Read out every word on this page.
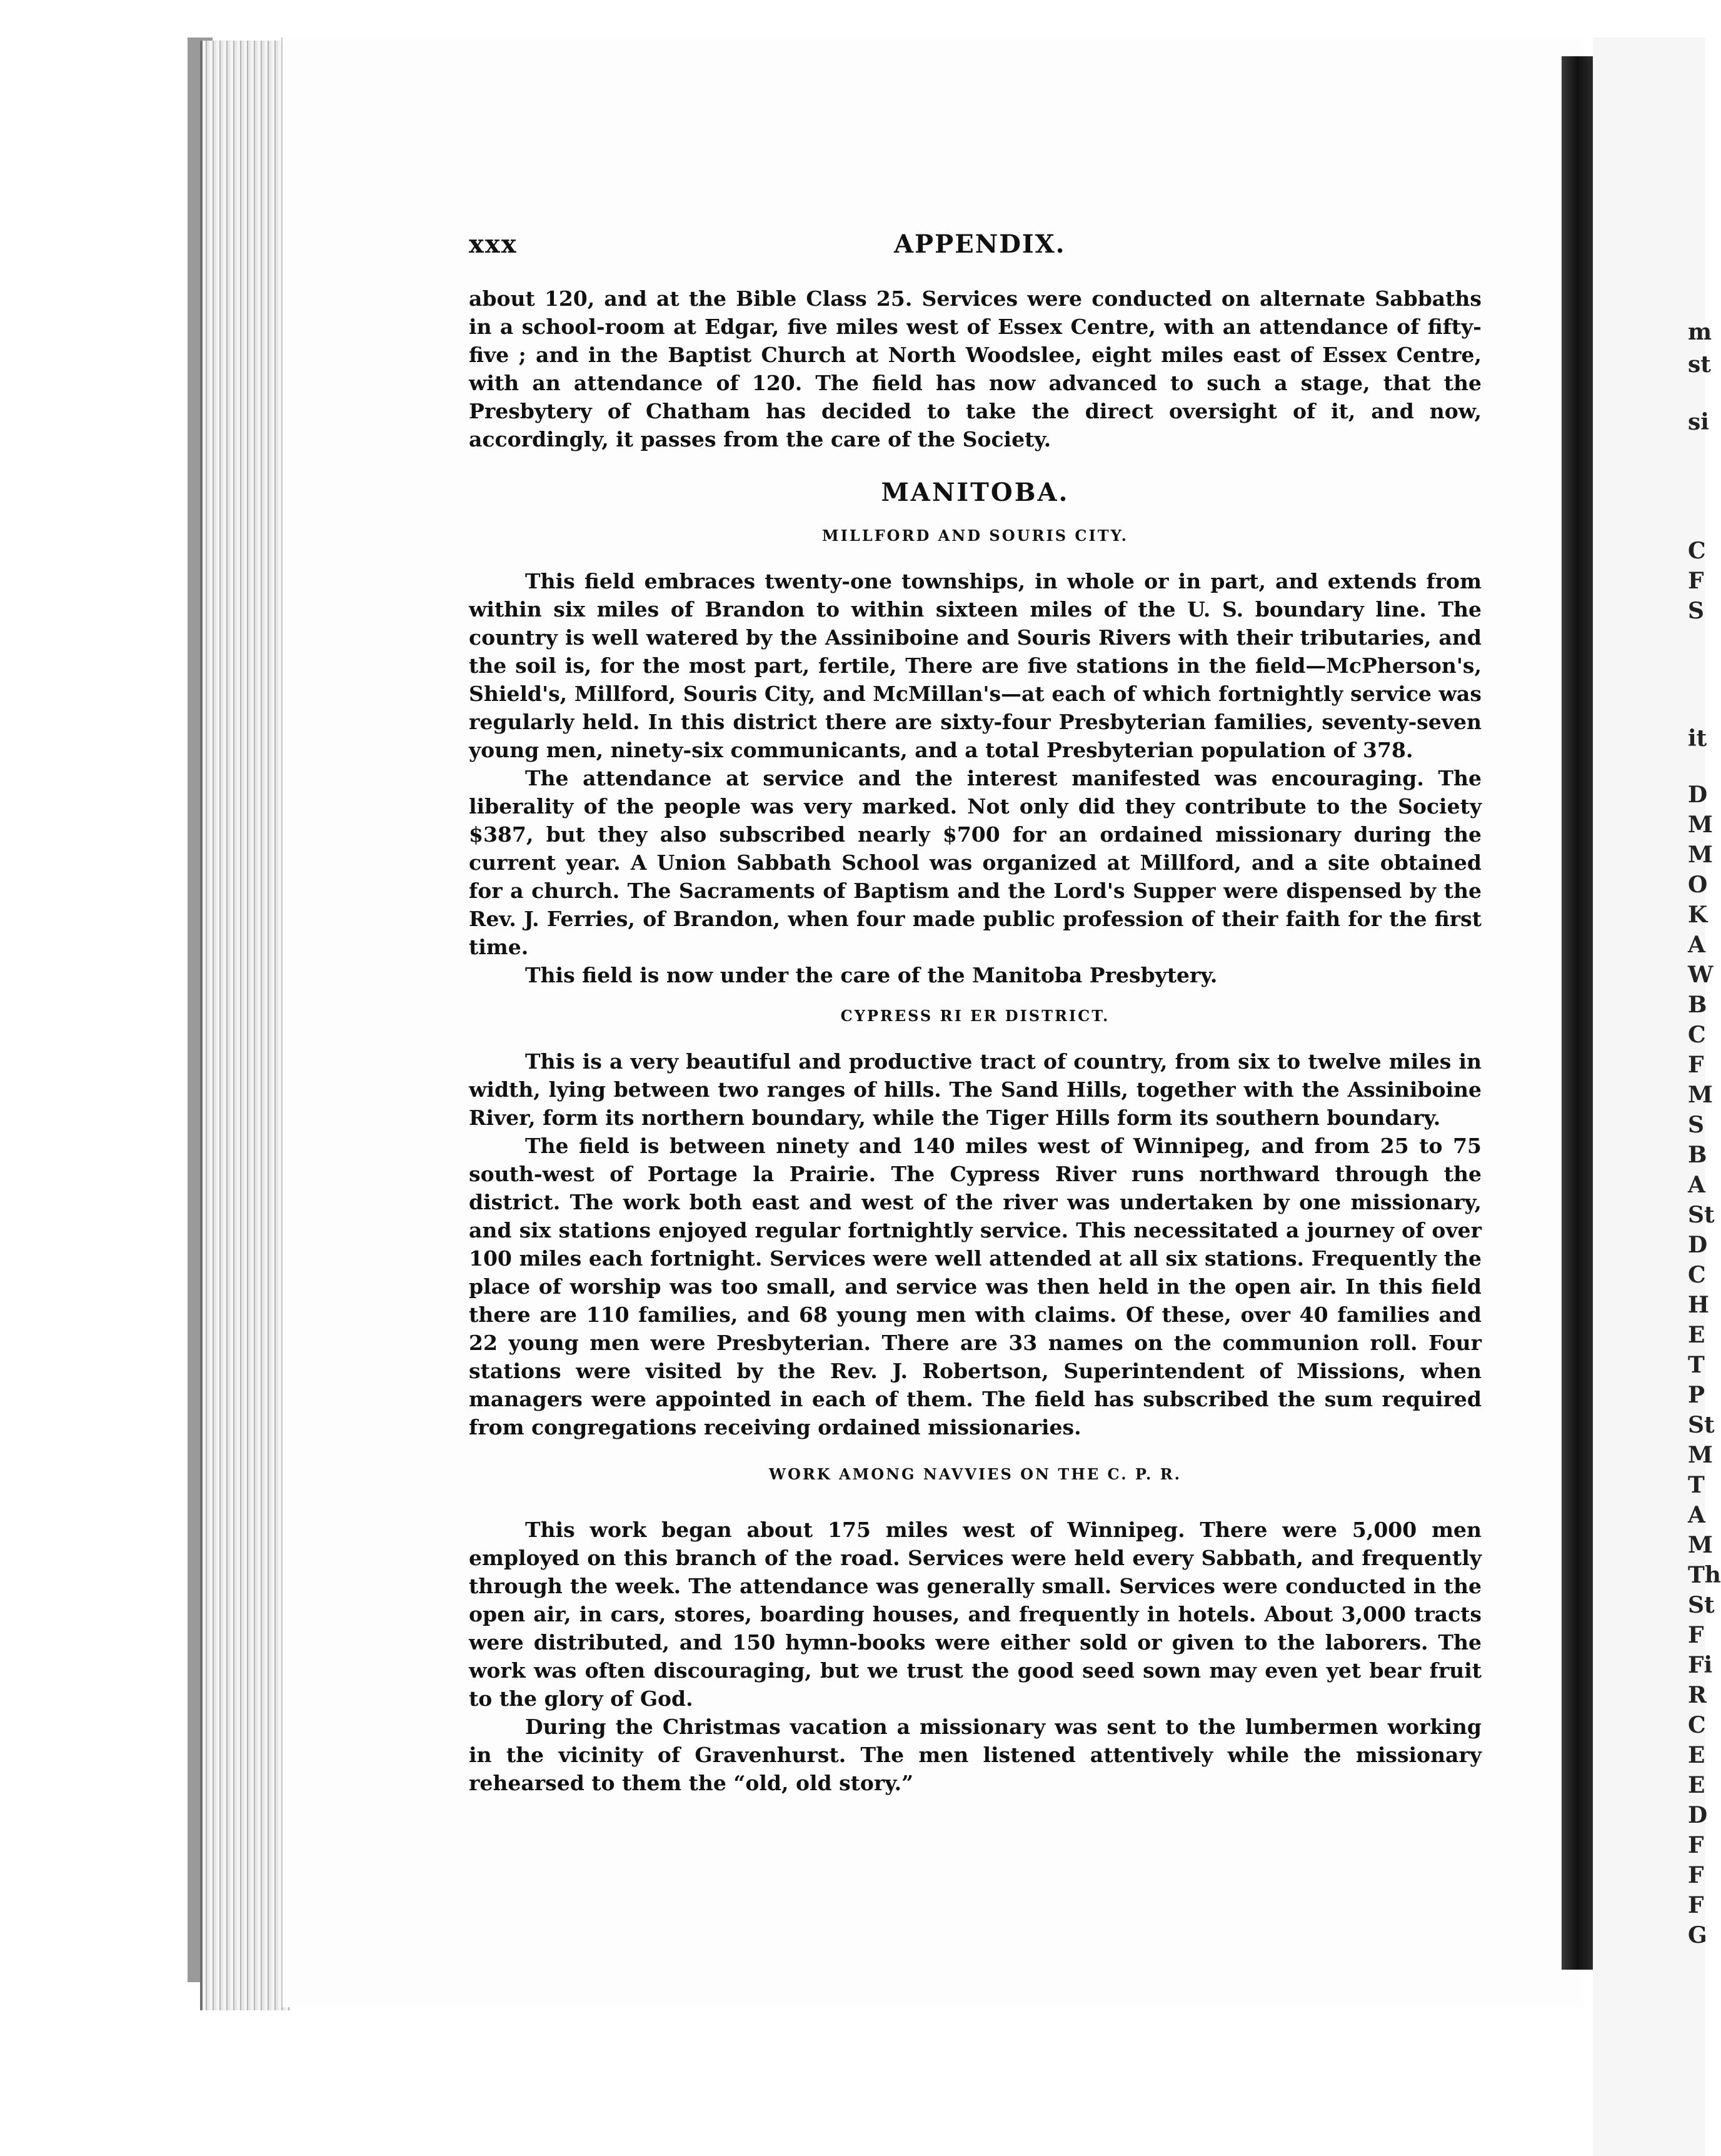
m
st
si
C
F
S
it
D
M
M
O
K
A
W
B
C
F
M
S
B
A
St
D
C
H
E
T
P
St
M
T
A
M
Th
St
F
Fi
R
C
E
E
D
F
F
F
G
xxx	APPENDIX.

about 120, and at the Bible Class 25. Services were conducted on alternate Sabbaths in a school-room at Edgar, five miles west of Essex Centre, with an attendance of fifty-five ; and in the Baptist Church at North Woodslee, eight miles east of Essex Centre, with an attendance of 120. The field has now advanced to such a stage, that the Presbytery of Chatham has decided to take the direct oversight of it, and now, accordingly, it passes from the care of the Society.

MANITOBA.
MILLFORD AND SOURIS CITY.

This field embraces twenty-one townships, in whole or in part, and extends from within six miles of Brandon to within sixteen miles of the U. S. boundary line. The country is well watered by the Assiniboine and Souris Rivers with their tributaries, and the soil is, for the most part, fertile, There are five stations in the field—McPherson's, Shield's, Millford, Souris City, and McMillan's—at each of which fortnightly service was regularly held. In this district there are sixty-four Presbyterian families, seventy-seven young men, ninety-six communicants, and a total Presbyterian population of 378.

The attendance at service and the interest manifested was encouraging. The liberality of the people was very marked. Not only did they contribute to the Society $387, but they also subscribed nearly $700 for an ordained missionary during the current year. A Union Sabbath School was organized at Millford, and a site obtained for a church. The Sacraments of Baptism and the Lord's Supper were dispensed by the Rev. J. Ferries, of Brandon, when four made public profession of their faith for the first time.

This field is now under the care of the Manitoba Presbytery.

CYPRESS RI ER DISTRICT.

This is a very beautiful and productive tract of country, from six to twelve miles in width, lying between two ranges of hills. The Sand Hills, together with the Assiniboine River, form its northern boundary, while the Tiger Hills form its southern boundary.

The field is between ninety and 140 miles west of Winnipeg, and from 25 to 75 south-west of Portage la Prairie. The Cypress River runs northward through the district. The work both east and west of the river was undertaken by one missionary, and six stations enjoyed regular fortnightly service. This necessitated a journey of over 100 miles each fortnight. Services were well attended at all six stations. Frequently the place of worship was too small, and service was then held in the open air. In this field there are 110 families, and 68 young men with claims. Of these, over 40 families and 22 young men were Presbyterian. There are 33 names on the communion roll. Four stations were visited by the Rev. J. Robertson, Superintendent of Missions, when managers were appointed in each of them. The field has subscribed the sum required from congregations receiving ordained missionaries.

WORK AMONG NAVVIES ON THE C. P. R.

This work began about 175 miles west of Winnipeg. There were 5,000 men employed on this branch of the road. Services were held every Sabbath, and frequently through the week. The attendance was generally small. Services were conducted in the open air, in cars, stores, boarding houses, and frequently in hotels. About 3,000 tracts were distributed, and 150 hymn-books were either sold or given to the laborers. The work was often discouraging, but we trust the good seed sown may even yet bear fruit to the glory of God.

During the Christmas vacation a missionary was sent to the lumbermen working in the vicinity of Gravenhurst. The men listened attentively while the missionary rehearsed to them the “old, old story.”
